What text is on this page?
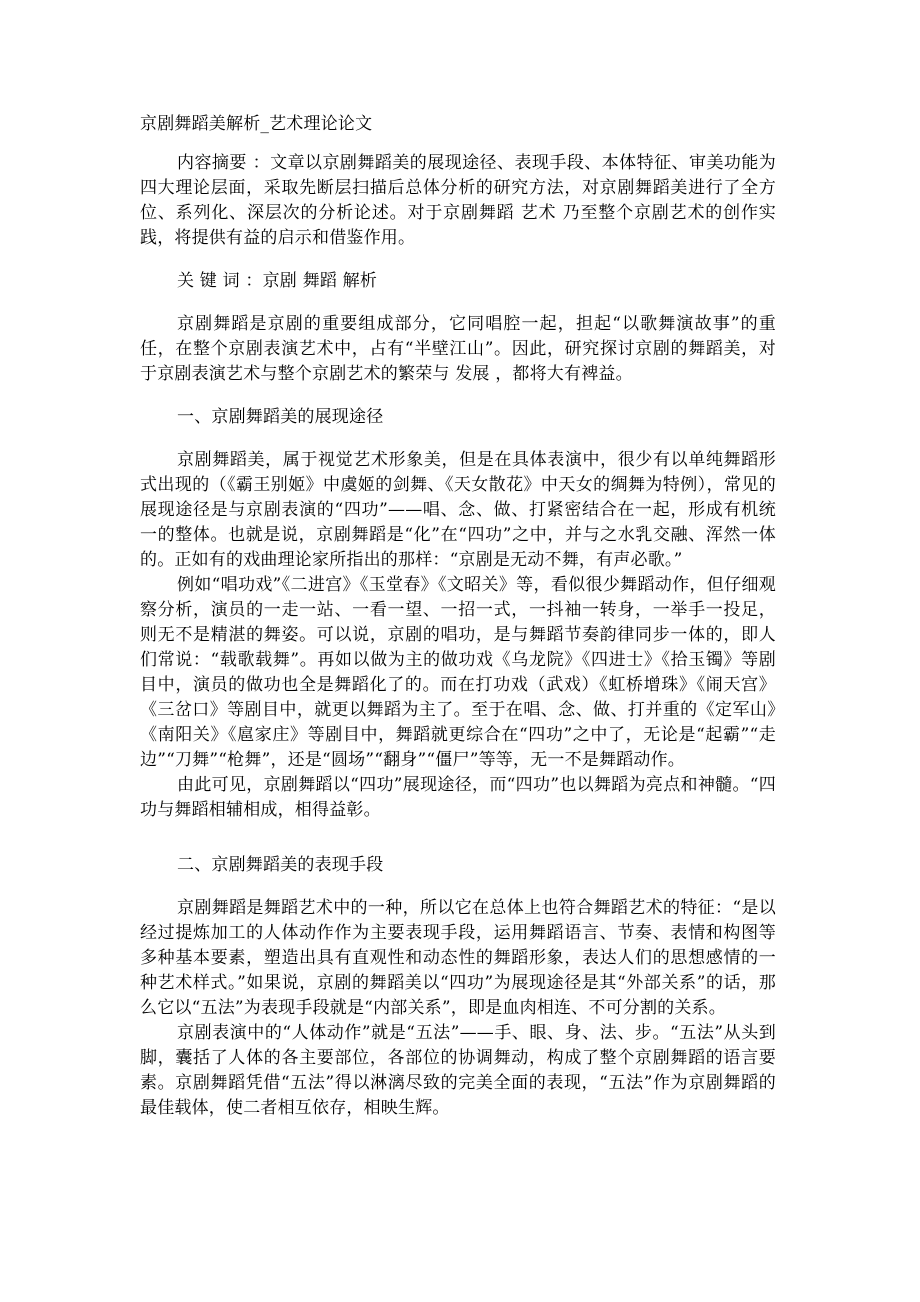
京剧舞蹈美解析_艺术理论论文

内容摘要 ：文章以京剧舞蹈美的展现途径、表现手段、本体特征、审美功能为四大理论层面，采取先断层扫描后总体分析的研究方法，对京剧舞蹈美进行了全方位、系列化、深层次的分析论述。对于京剧舞蹈 艺术 乃至整个京剧艺术的创作实践，将提供有益的启示和借鉴作用。

关 键 词 ：京剧 舞蹈 解析

京剧舞蹈是京剧的重要组成部分，它同唱腔一起，担起“以歌舞演故事”的重任，在整个京剧表演艺术中，占有“半壁江山”。因此，研究探讨京剧的舞蹈美，对于京剧表演艺术与整个京剧艺术的繁荣与 发展 ，都将大有裨益。

一、京剧舞蹈美的展现途径

京剧舞蹈美，属于视觉艺术形象美，但是在具体表演中，很少有以单纯舞蹈形式出现的（《霸王别姬》中虞姬的剑舞、《天女散花》中天女的绸舞为特例），常见的展现途径是与京剧表演的“四功”——唱、念、做、打紧密结合在一起，形成有机统一的整体。也就是说，京剧舞蹈是“化”在“四功”之中，并与之水乳交融、浑然一体的。正如有的戏曲理论家所指出的那样：“京剧是无动不舞，有声必歌。”

例如“唱功戏”《二进宫》《玉堂春》《文昭关》等，看似很少舞蹈动作，但仔细观察分析，演员的一走一站、一看一望、一招一式，一抖袖一转身，一举手一投足，则无不是精湛的舞姿。可以说，京剧的唱功，是与舞蹈节奏韵律同步一体的，即人们常说：“载歌载舞”。再如以做为主的做功戏《乌龙院》《四进士》《拾玉镯》等剧目中，演员的做功也全是舞蹈化了的。而在打功戏（武戏）《虹桥增珠》《闹天宫》《三岔口》等剧目中，就更以舞蹈为主了。至于在唱、念、做、打并重的《定军山》《南阳关》《扈家庄》等剧目中，舞蹈就更综合在“四功”之中了，无论是“起霸”“走边”“刀舞”“枪舞”，还是“圆场”“翻身”“僵尸”等等，无一不是舞蹈动作。

由此可见，京剧舞蹈以“四功”展现途径，而“四功”也以舞蹈为亮点和神髓。“四功与舞蹈相辅相成，相得益彰。

二、京剧舞蹈美的表现手段

京剧舞蹈是舞蹈艺术中的一种，所以它在总体上也符合舞蹈艺术的特征：“是以经过提炼加工的人体动作作为主要表现手段，运用舞蹈语言、节奏、表情和构图等多种基本要素，塑造出具有直观性和动态性的舞蹈形象，表达人们的思想感情的一种艺术样式。”如果说，京剧的舞蹈美以“四功”为展现途径是其“外部关系”的话，那么它以“五法”为表现手段就是“内部关系”，即是血肉相连、不可分割的关系。

京剧表演中的“人体动作”就是“五法”——手、眼、身、法、步。“五法”从头到脚，囊括了人体的各主要部位，各部位的协调舞动，构成了整个京剧舞蹈的语言要素。京剧舞蹈凭借“五法”得以淋漓尽致的完美全面的表现，“五法”作为京剧舞蹈的最佳载体，使二者相互依存，相映生辉。
